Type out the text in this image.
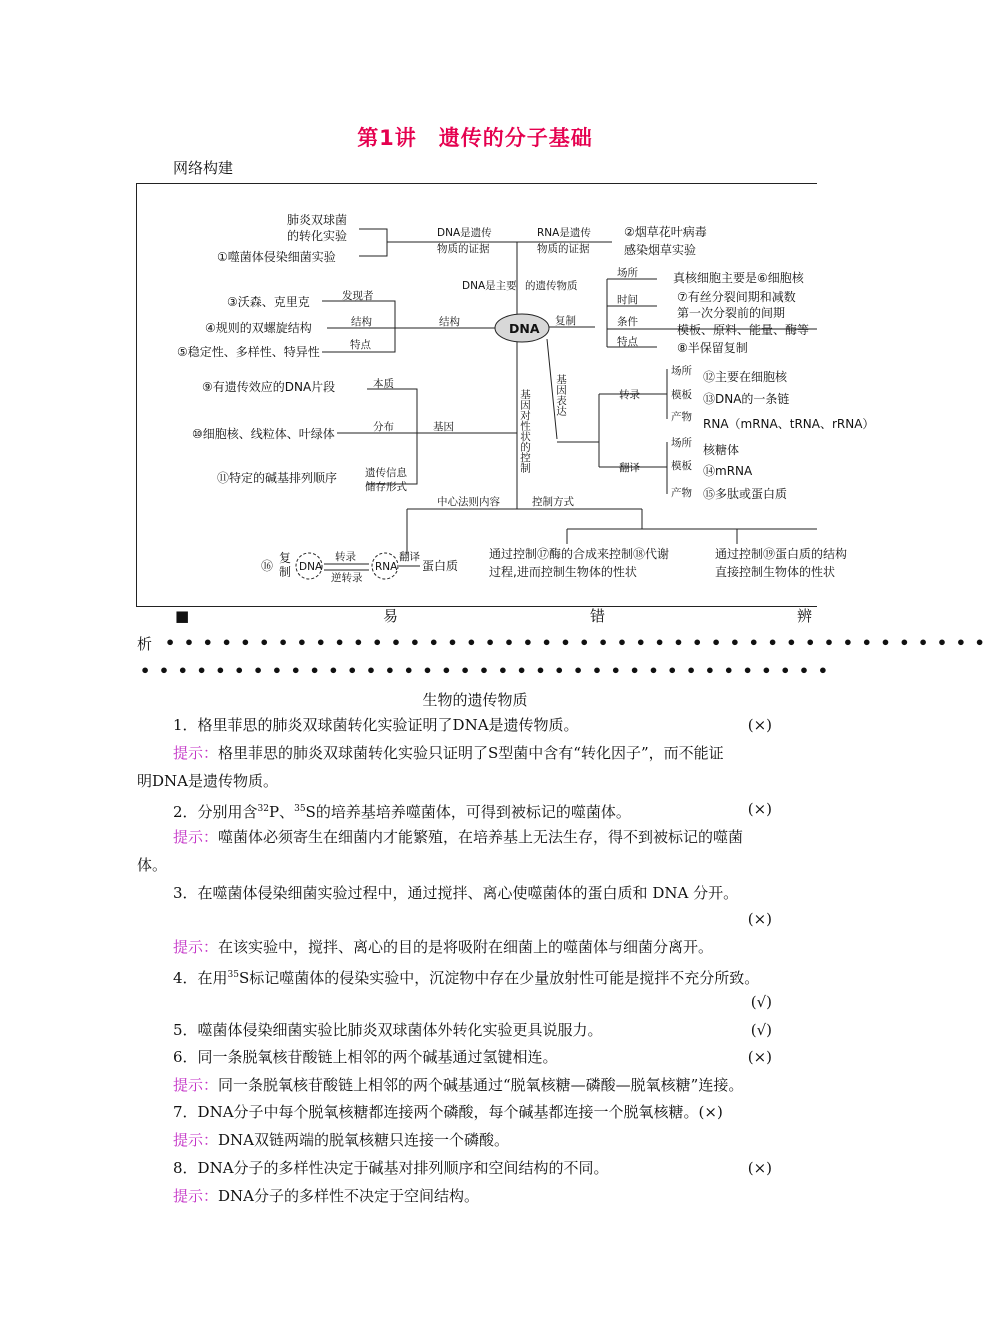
第1讲　遗传的分子基础
网络构建
肺炎双球菌
的转化实验
①噬菌体侵染细菌实验
DNA是遗传
物质的证据
RNA是遗传
物质的证据
②烟草花叶病毒
感染烟草实验
DNA是主要 的遗传物质
发现者
③沃森、克里克
结构
④规则的双螺旋结构	结构
特点
⑤稳定性、多样性、特异性
DNA 复制
场所	真核细胞主要是⑥细胞核
时间	⑦有丝分裂间期和减数
第一次分裂前的间期
条件
模板、原料、能量、酶等
特点	⑧半保留复制
本质
⑨有遗传效应的DNA片段
分布	基因
⑩细胞核、线粒体、叶绿体
⑪特定的碱基排列顺序	遗传信息
储存形式
基因表达
基因对性状的控制	转录
场所 ⑫主要在细胞核
模板 ⑬DNA的一条链
产物 RNA（mRNA、tRNA、rRNA）
翻译
场所 核糖体
模板 ⑭mRNA
产物 ⑮多肽或蛋白质
中心法则内容	控制方式
⑯
复
制 DNA
转录
逆转录
RNA
翻译
蛋白质
通过控制⑰酶的合成来控制⑱代谢
过程,进而控制生物体的性状
通过控制⑲蛋白质的结构
直接控制生物体的性状
■	易	错	辨
析 ••••••••••••••••••••••••••••••••••••••••••••
•••••••••••••••••••••••••••••••••••••
生物的遗传物质
1．格里菲思的肺炎双球菌转化实验证明了DNA是遗传物质。	(×)
提示：格里菲思的肺炎双球菌转化实验只证明了S型菌中含有“转化因子”，而不能证
明DNA是遗传物质。
2．分别用含$^{32}$P、$^{35}$S的培养基培养噬菌体，可得到被标记的噬菌体。	(×)
提示：噬菌体必须寄生在细菌内才能繁殖，在培养基上无法生存，得不到被标记的噬菌
体。
3．在噬菌体侵染细菌实验过程中，通过搅拌、离心使噬菌体的蛋白质和 DNA 分开。
(×)
提示：在该实验中，搅拌、离心的目的是将吸附在细菌上的噬菌体与细菌分离开。
4．在用$^{35}$S标记噬菌体的侵染实验中，沉淀物中存在少量放射性可能是搅拌不充分所致。
(√)
5．噬菌体侵染细菌实验比肺炎双球菌体外转化实验更具说服力。	(√)
6．同一条脱氧核苷酸链上相邻的两个碱基通过氢键相连。	(×)
提示：同一条脱氧核苷酸链上相邻的两个碱基通过“脱氧核糖—磷酸—脱氧核糖”连接。
7．DNA分子中每个脱氧核糖都连接两个磷酸，每个碱基都连接一个脱氧核糖。(×)
提示：DNA双链两端的脱氧核糖只连接一个磷酸。
8．DNA分子的多样性决定于碱基对排列顺序和空间结构的不同。	(×)
提示：DNA分子的多样性不决定于空间结构。
